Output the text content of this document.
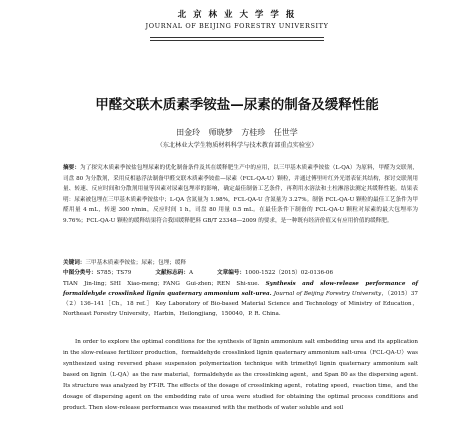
北 京 林 业 大 学 学 报
JOURNAL OF BEIJING FORESTRY UNIVERSITY
甲醛交联木质素季铵盐—尿素的制备及缓释性能
田金玲 师晓梦 方桂珍 任世学
（东北林业大学生物质材料科学与技术教育部重点实验室）

摘要：为了探究木质素季铵盐包埋尿素的优化制备条件及其在缓释肥生产中的应用，以三甲基木质素季铵盐（L-QA）为原料，甲醛为交联剂，司盘 80 为分散剂，采用反相悬浮法制备甲醛交联木质素季铵盐—尿素（FCL-QA-U）颗粒，并通过傅里叶红外光谱表征其结构，探讨交联剂用量、转速、反应时间和分散剂用量等因素对尿素包埋率的影响，确定最佳制备工艺条件，再利用水溶法和土柱淋溶法测定其缓释性能。结果表明：尿素被包埋在三甲基木质素季铵盐中；L-QA 含氮量为 1.98%，FCL-QA-U 含氮量为 3.27%。制备 FCL-QA-U 颗粒的最佳工艺条件为甲醛用量 4 mL，转速 300 r/min，反应时间 1 h，司盘 80 用量 0.5 mL。在最佳条件下制备的 FCL-QA-U 颗粒对尿素的最大包埋率为 9.76%；FCL-QA-U 颗粒的缓释结果符合我国缓释肥料 GB/T 23348—2009 的要求，是一种既有经济价值又有应用价值的缓释肥。

关键词：三甲基木质素季铵盐；尿素；包埋；缓释

中图分类号：S785；TS79	文献标志码：A	文章编号：1000-1522（2015）02-0136-06

TIAN Jin-ling；SHI Xiao-meng；FANG Gui-zhen；REN Shi-xue. Synthesis and slow-release performance of formaldehyde crosslinked lignin quaternary ammonium salt-urea. Journal of Beijing Forestry University，（2015）37（2）136–141［Ch，18 ref.］ Key Laboratory of Bio-based Material Science and Technology of Ministry of Education，Northeast Forestry University，Harbin，Heilongjiang，150040，P. R. China.

In order to explore the optimal conditions for the synthesis of lignin ammonium salt embedding urea and its application in the slow-release fertilizer production，formaldehyde crosslinked lignin quaternary ammonium salt-urea（FCL-QA-U）was synthesized using reversed phase suspension polymerization technique with trimethyl lignin quaternary ammonium salt based on lignin（L-QA）as the raw material，formaldehyde as the crosslinking agent，and Span 80 as the dispersing agent. Its structure was analyzed by FT-IR. The effects of the dosage of crosslinking agent，rotating speed，reaction time，and the dosage of dispersing agent on the embedding rate of urea were studied for obtaining the optimal process conditions and product. Then slow-release performance was measured with the methods of water soluble and soil
